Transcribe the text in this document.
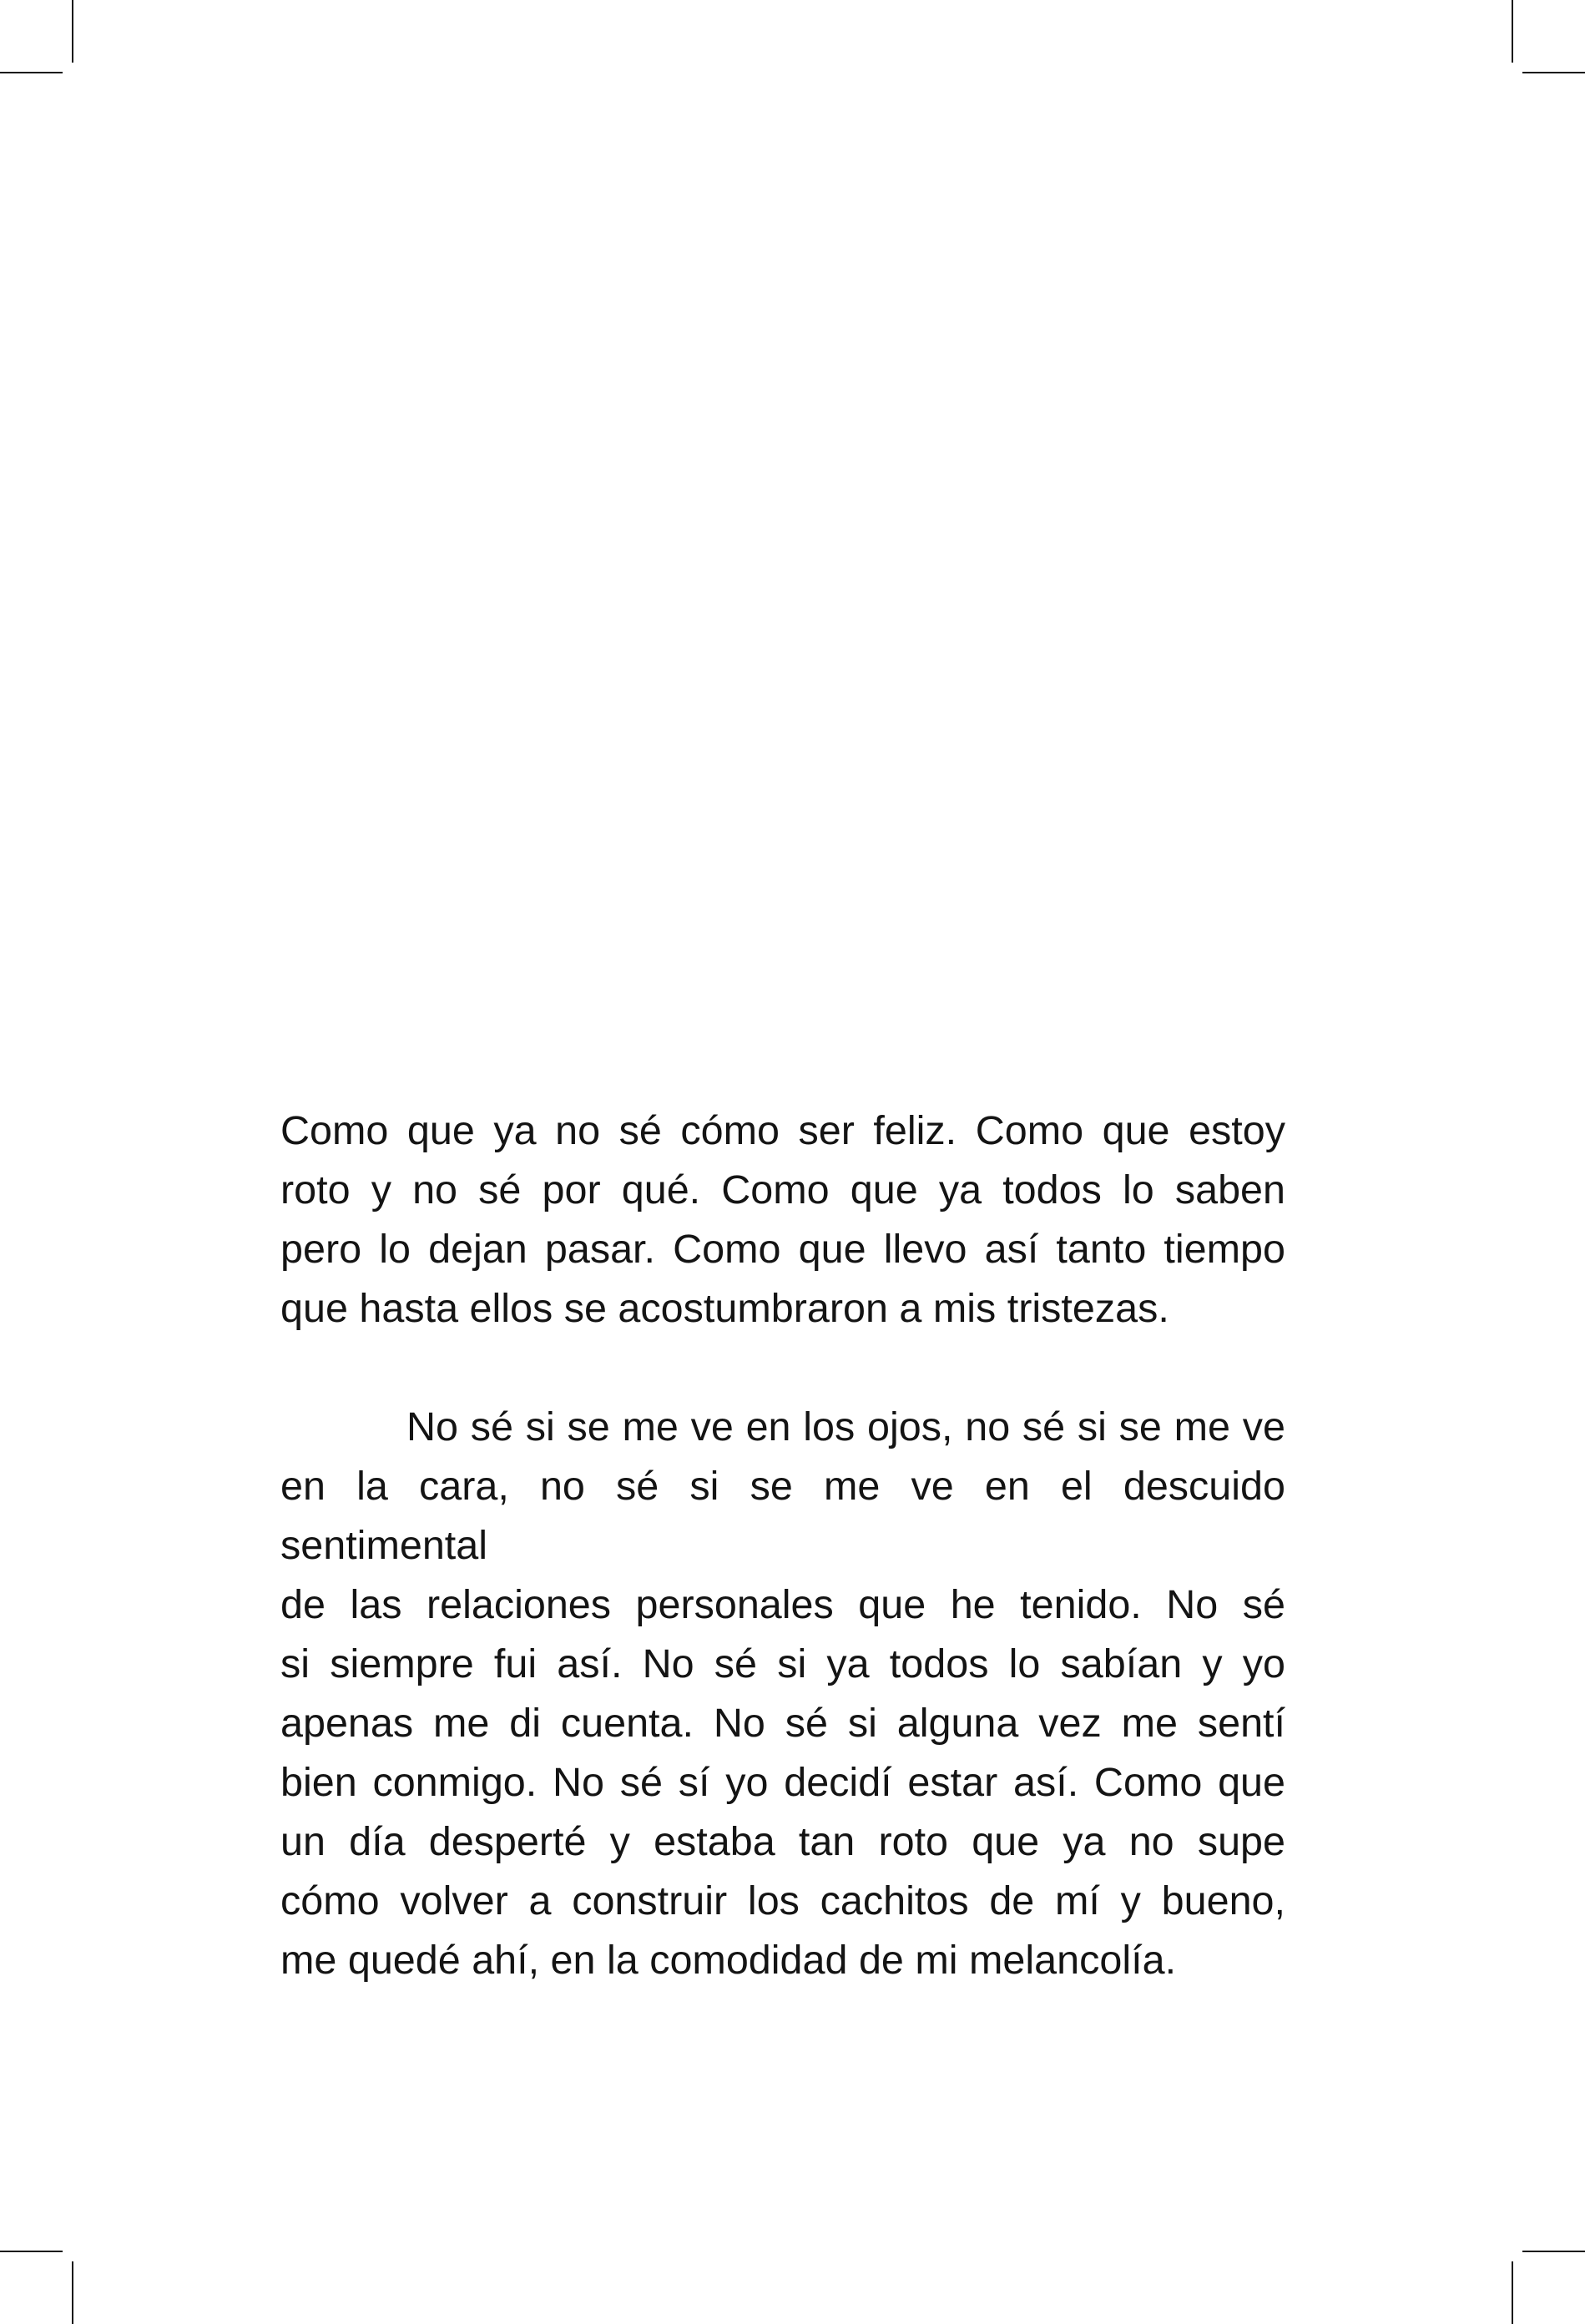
Como que ya no sé cómo ser feliz. Como que estoy
roto y no sé por qué. Como que ya todos lo saben
pero lo dejan pasar. Como que llevo así tanto tiempo
que hasta ellos se acostumbraron a mis tristezas.

No sé si se me ve en los ojos, no sé si se me ve
en la cara, no sé si se me ve en el descuido sentimental
de las relaciones personales que he tenido. No sé
si siempre fui así. No sé si ya todos lo sabían y yo
apenas me di cuenta. No sé si alguna vez me sentí
bien conmigo. No sé sí yo decidí estar así. Como que
un día desperté y estaba tan roto que ya no supe
cómo volver a construir los cachitos de mí y bueno,
me quedé ahí, en la comodidad de mi melancolía.
